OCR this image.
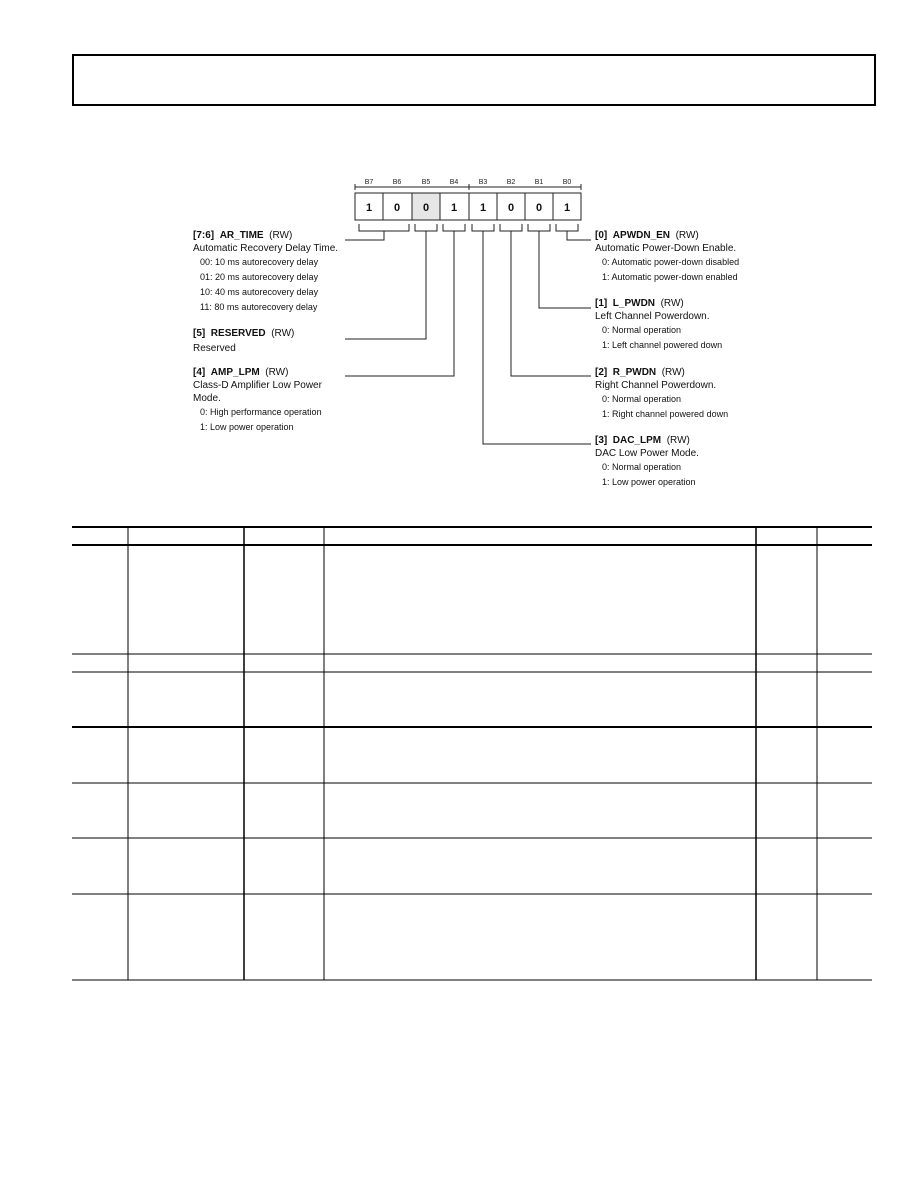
B7	B6	B5	B4	B3	B2	B1	B0
1	0	0	1	1	0	0	1
[7:6] AR_TIME (RW)
Automatic Recovery Delay Time.
00: 10 ms autorecovery delay
01: 20 ms autorecovery delay
10: 40 ms autorecovery delay
11: 80 ms autorecovery delay
[5] RESERVED (RW)
Reserved
[4] AMP_LPM (RW)
Class-D Amplifier Low Power
Mode.
0: High performance operation
1: Low power operation
[0] APWDN_EN (RW)
Automatic Power-Down Enable.
0: Automatic power-down disabled
1: Automatic power-down enabled
[1] L_PWDN (RW)
Left Channel Powerdown.
0: Normal operation
1: Left channel powered down
[2] R_PWDN (RW)
Right Channel Powerdown.
0: Normal operation
1: Right channel powered down
[3] DAC_LPM (RW)
DAC Low Power Mode.
0: Normal operation
1: Low power operation
